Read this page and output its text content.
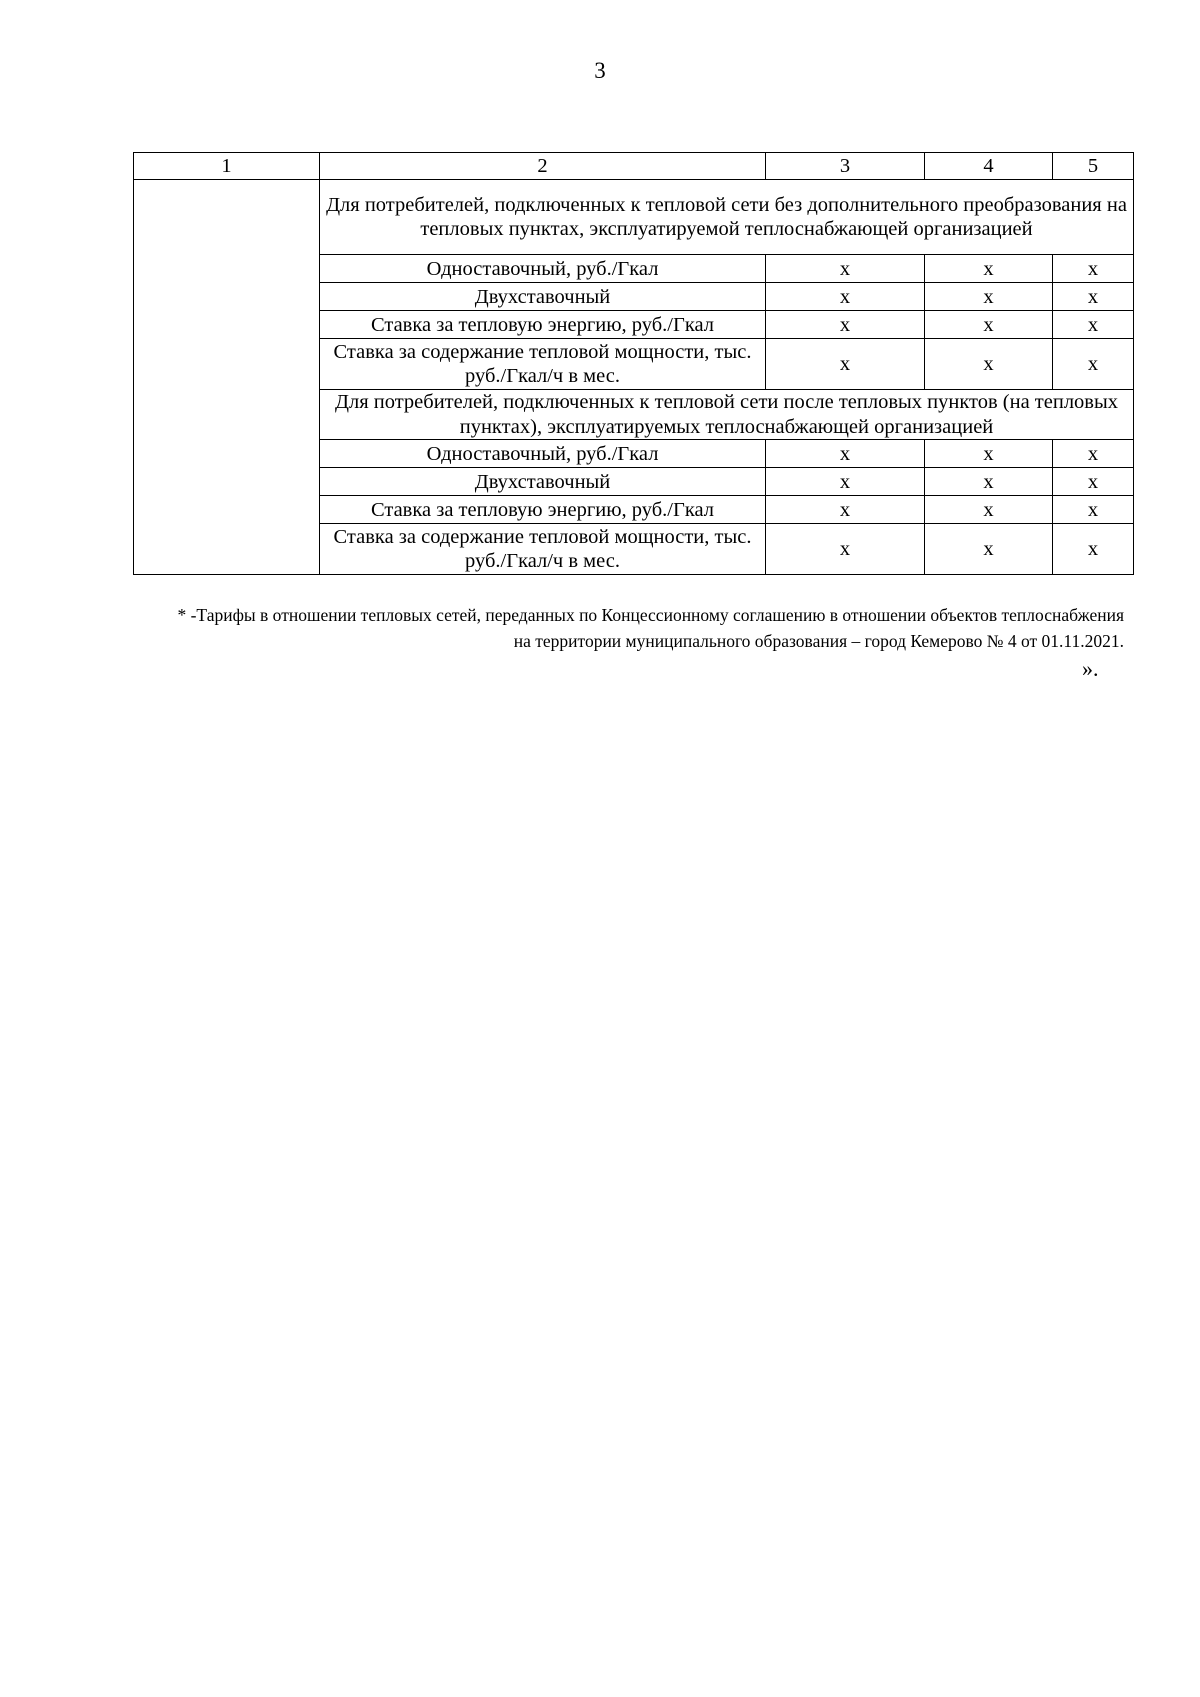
3
1	2	3	4	5
	Для потребителей, подключенных к тепловой сети без дополнительного преобразования на тепловых пунктах, эксплуатируемой теплоснабжающей организацией			
	Одноставочный, руб./Гкал	x	x	x
	Двухставочный	x	x	x
	Ставка за тепловую энергию, руб./Гкал	x	x	x
	Ставка за содержание тепловой мощности, тыс. руб./Гкал/ч в мес.	x	x	x
	Для потребителей, подключенных к тепловой сети после тепловых пунктов (на тепловых пунктах), эксплуатируемых теплоснабжающей организацией			
	Одноставочный, руб./Гкал	x	x	x
	Двухставочный	x	x	x
	Ставка за тепловую энергию, руб./Гкал	x	x	x
	Ставка за содержание тепловой мощности, тыс. руб./Гкал/ч в мес.	x	x	x
* -Тарифы в отношении тепловых сетей, переданных по Концессионному соглашению в отношении объектов теплоснабжения на территории муниципального образования – город Кемерово № 4 от 01.11.2021.
».
